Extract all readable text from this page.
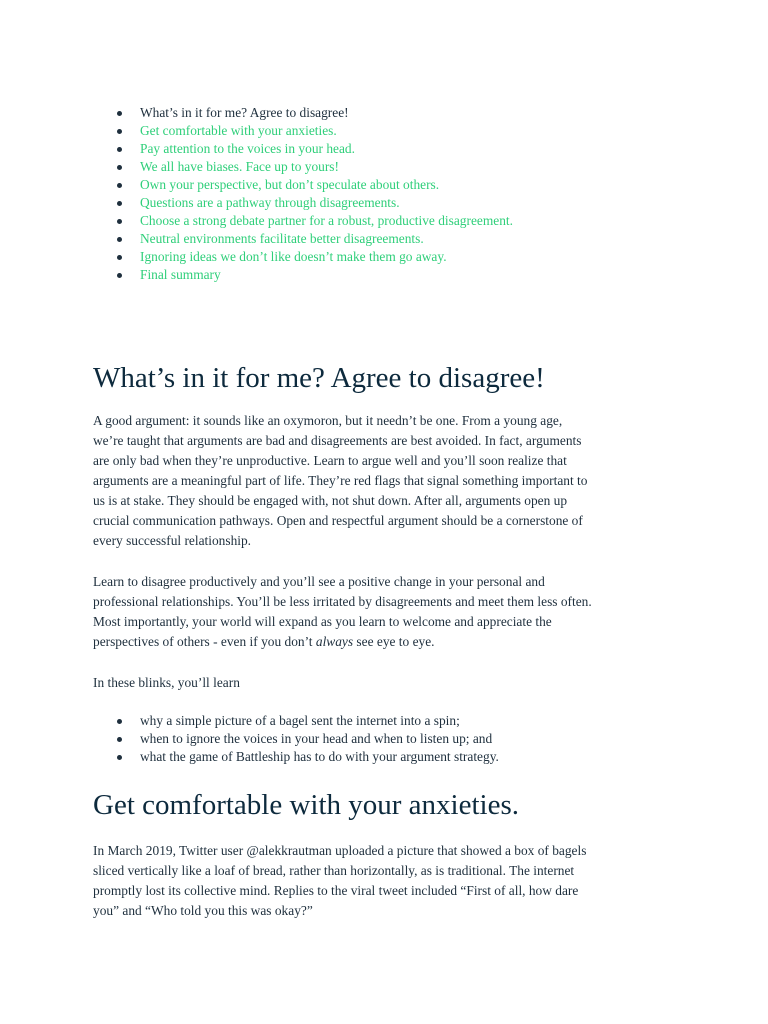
What’s in it for me? Agree to disagree!
Get comfortable with your anxieties.
Pay attention to the voices in your head.
We all have biases. Face up to yours!
Own your perspective, but don’t speculate about others.
Questions are a pathway through disagreements.
Choose a strong debate partner for a robust, productive disagreement.
Neutral environments facilitate better disagreements.
Ignoring ideas we don’t like doesn’t make them go away.
Final summary
What’s in it for me? Agree to disagree!
A good argument: it sounds like an oxymoron, but it needn’t be one. From a young age,
we’re taught that arguments are bad and disagreements are best avoided. In fact, arguments
are only bad when they’re unproductive. Learn to argue well and you’ll soon realize that
arguments are a meaningful part of life. They’re red flags that signal something important to
us is at stake. They should be engaged with, not shut down. After all, arguments open up
crucial communication pathways. Open and respectful argument should be a cornerstone of
every successful relationship.
Learn to disagree productively and you’ll see a positive change in your personal and
professional relationships. You’ll be less irritated by disagreements and meet them less often.
Most importantly, your world will expand as you learn to welcome and appreciate the
perspectives of others - even if you don’t always see eye to eye.
In these blinks, you’ll learn
why a simple picture of a bagel sent the internet into a spin;
when to ignore the voices in your head and when to listen up; and
what the game of Battleship has to do with your argument strategy.
Get comfortable with your anxieties.
In March 2019, Twitter user @alekkrautman uploaded a picture that showed a box of bagels
sliced vertically like a loaf of bread, rather than horizontally, as is traditional. The internet
promptly lost its collective mind. Replies to the viral tweet included “First of all, how dare
you” and “Who told you this was okay?”
